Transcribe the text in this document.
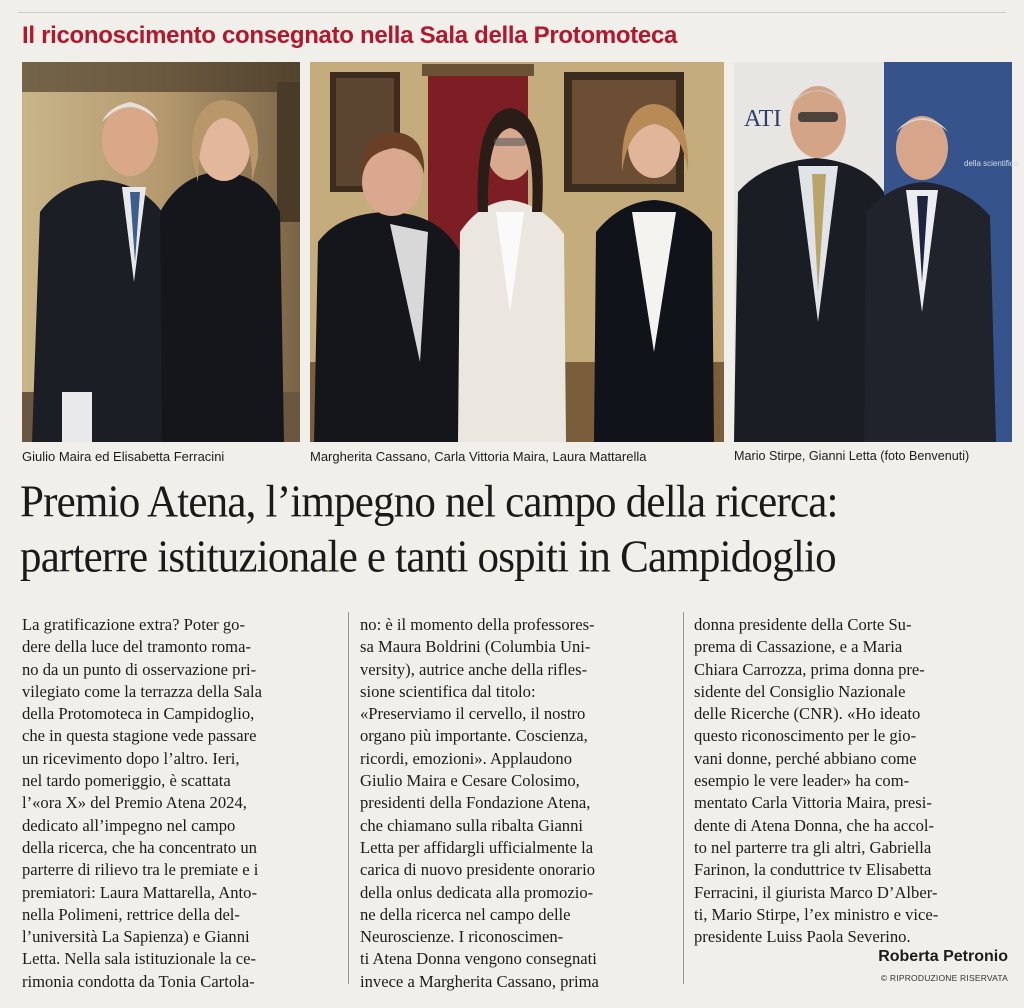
Il riconoscimento consegnato nella Sala della Protomoteca
ATI
della scientifica
Giulio Maira ed Elisabetta Ferracini	Margherita Cassano, Carla Vittoria Maira, Laura Mattarella	Mario Stirpe, Gianni Letta (foto Benvenuti)
Premio Atena, l’impegno nel campo della ricerca:
parterre istituzionale e tanti ospiti in Campidoglio
La gratificazione extra? Poter go-
dere della luce del tramonto roma-
no da un punto di osservazione pri-
vilegiato come la terrazza della Sala
della Protomoteca in Campidoglio,
che in questa stagione vede passare
un ricevimento dopo l’altro. Ieri,
nel tardo pomeriggio, è scattata
l’«ora X» del Premio Atena 2024,
dedicato all’impegno nel campo
della ricerca, che ha concentrato un
parterre di rilievo tra le premiate e i
premiatori: Laura Mattarella, Anto-
nella Polimeni, rettrice della del-
l’università La Sapienza) e Gianni
Letta. Nella sala istituzionale la ce-
rimonia condotta da Tonia Cartola-
no: è il momento della professores-
sa Maura Boldrini (Columbia Uni-
versity), autrice anche della rifles-
sione scientifica dal titolo:
«Preserviamo il cervello, il nostro
organo più importante. Coscienza,
ricordi, emozioni». Applaudono
Giulio Maira e Cesare Colosimo,
presidenti della Fondazione Atena,
che chiamano sulla ribalta Gianni
Letta per affidargli ufficialmente la
carica di nuovo presidente onorario
della onlus dedicata alla promozio-
ne della ricerca nel campo delle
Neuroscienze. I riconoscimen-
ti Atena Donna vengono consegnati
invece a Margherita Cassano, prima
donna presidente della Corte Su-
prema di Cassazione, e a Maria
Chiara Carrozza, prima donna pre-
sidente del Consiglio Nazionale
delle Ricerche (CNR). «Ho ideato
questo riconoscimento per le gio-
vani donne, perché abbiano come
esempio le vere leader» ha com-
mentato Carla Vittoria Maira, presi-
dente di Atena Donna, che ha accol-
to nel parterre tra gli altri, Gabriella
Farinon, la conduttrice tv Elisabetta
Ferracini, il giurista Marco D’Alber-
ti, Mario Stirpe, l’ex ministro e vice-
presidente Luiss Paola Severino.
Roberta Petronio
© RIPRODUZIONE RISERVATA
